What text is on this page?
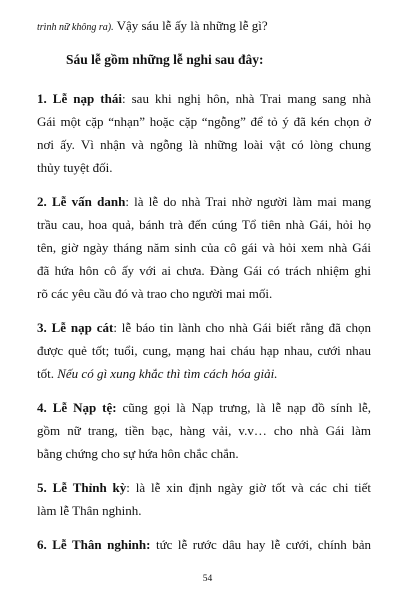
trình nữ không ra). Vậy sáu lễ ấy là những lễ gì?
Sáu lễ gồm những lễ nghi sau đây:
1. Lễ nạp thái: sau khi nghị hôn, nhà Trai mang sang nhà
Gái một cặp “nhạn” hoặc cặp “ngỗng” để tỏ ý đã kén chọn ở
nơi ấy. Vì nhận và ngỗng là những loài vật có lòng chung
thủy tuyệt đối.
2. Lễ vấn danh: là lễ do nhà Trai nhờ người làm mai mang
trầu cau, hoa quả, bánh trà đến cúng Tổ tiên nhà Gái, hỏi họ
tên, giờ ngày tháng năm sinh của cô gái và hỏi xem nhà Gái
đã hứa hôn cô ấy với ai chưa. Đàng Gái có trách nhiệm ghi
rõ các yêu cầu đó và trao cho người mai mối.
3. Lễ nạp cát: lễ báo tin lành cho nhà Gái biết rằng đã chọn
được quẻ tốt; tuổi, cung, mạng hai cháu hạp nhau, cưới nhau
tốt. Nếu có gì xung khắc thì tìm cách hóa giải.
4. Lễ Nạp tệ: cũng gọi là Nạp trưng, là lễ nạp đồ sính lễ,
gồm nữ trang, tiền bạc, hàng vải, v.v… cho nhà Gái làm
bằng chứng cho sự hứa hôn chắc chắn.
5. Lễ Thỉnh kỳ: là lễ xin định ngày giờ tốt và các chi tiết
làm lễ Thân nghinh.
6. Lễ Thân nghinh: tức lễ rước dâu hay lễ cưới, chính bản
54
